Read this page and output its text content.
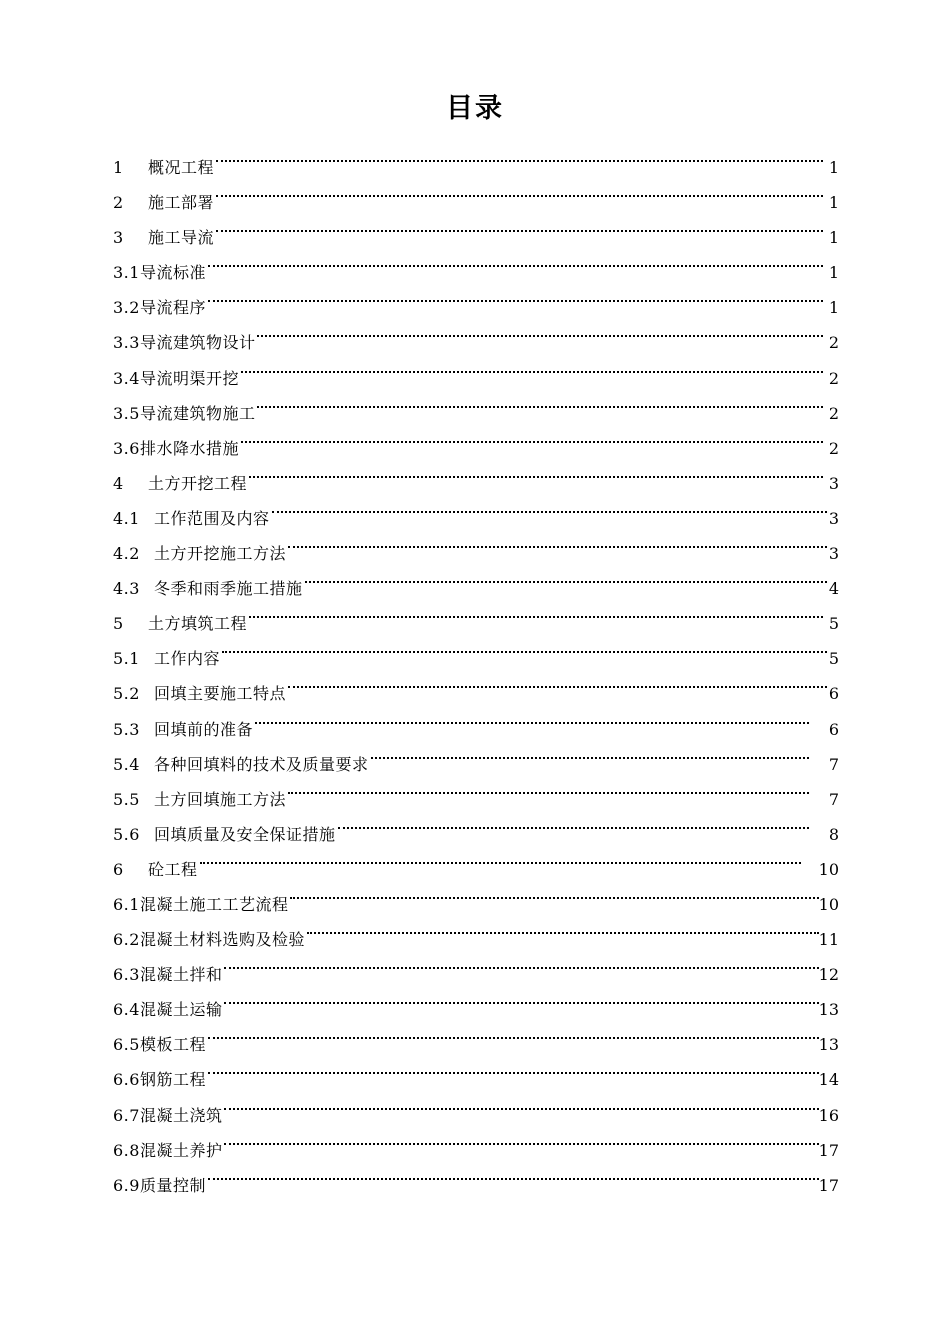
目录
1	概况工程	1
2	施工部署	1
3	施工导流	1
3.1 导流标准	1
3.2 导流程序	1
3.3 导流建筑物设计	2
3.4 导流明渠开挖	2
3.5 导流建筑物施工	2
3.6 排水降水措施	2
4	土方开挖工程	3
4.1 工作范围及内容	3
4.2 土方开挖施工方法	3
4.3 冬季和雨季施工措施	4
5	土方填筑工程	5
5.1 工作内容	5
5.2 回填主要施工特点	6
5.3 回填前的准备	6
5.4 各种回填料的技术及质量要求	7
5.5 土方回填施工方法	7
5.6 回填质量及安全保证措施	8
6	砼工程	10
6.1 混凝土施工工艺流程	10
6.2 混凝土材料选购及检验	11
6.3 混凝土拌和	12
6.4 混凝土运输	13
6.5 模板工程	13
6.6 钢筋工程	14
6.7 混凝土浇筑	16
6.8 混凝土养护	17
6.9 质量控制	17
